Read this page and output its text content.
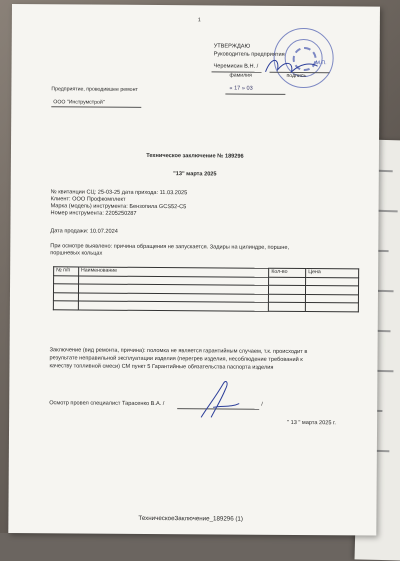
1
УТВЕРЖДАЮ
Руководитель предприятия
Черемисин В.Н. /
фамилия	подпись
М.П.
« 17 » 03
Предприятие, проводившее ремонт
ООО "Инструмстрой"
Техническое заключение № 189296
"13" марта 2025
№ квитанции СЦ: 25-03-25 дата прихода: 11.03.2025
Клиент: ООО Профкомплект
Марка (модель) инструмента: Бензопила GCS52-C5
Номер инструмента: 2205250287
Дата продажи: 10.07.2024
При осмотре выявлено: причина обращения не запускается. Задиры на цилиндре, поршне,
поршневых кольцах
№ п/п	Наименование	Кол-во	Цена

Заключение (вид ремонта, причина): поломка не является гарантийным случаем, т.к. происходит в
результате неправильной эксплуатации изделия (перегрев изделия, несоблюдение требований к
качеству топливной смеси) СМ пункт 5 Гарантийные обязательства паспорта изделия
Осмотр провел специалист Тарасенко В.А. /	/
" 13 " марта 2025 г.
ТехническоеЗаключение_189296 (1)
